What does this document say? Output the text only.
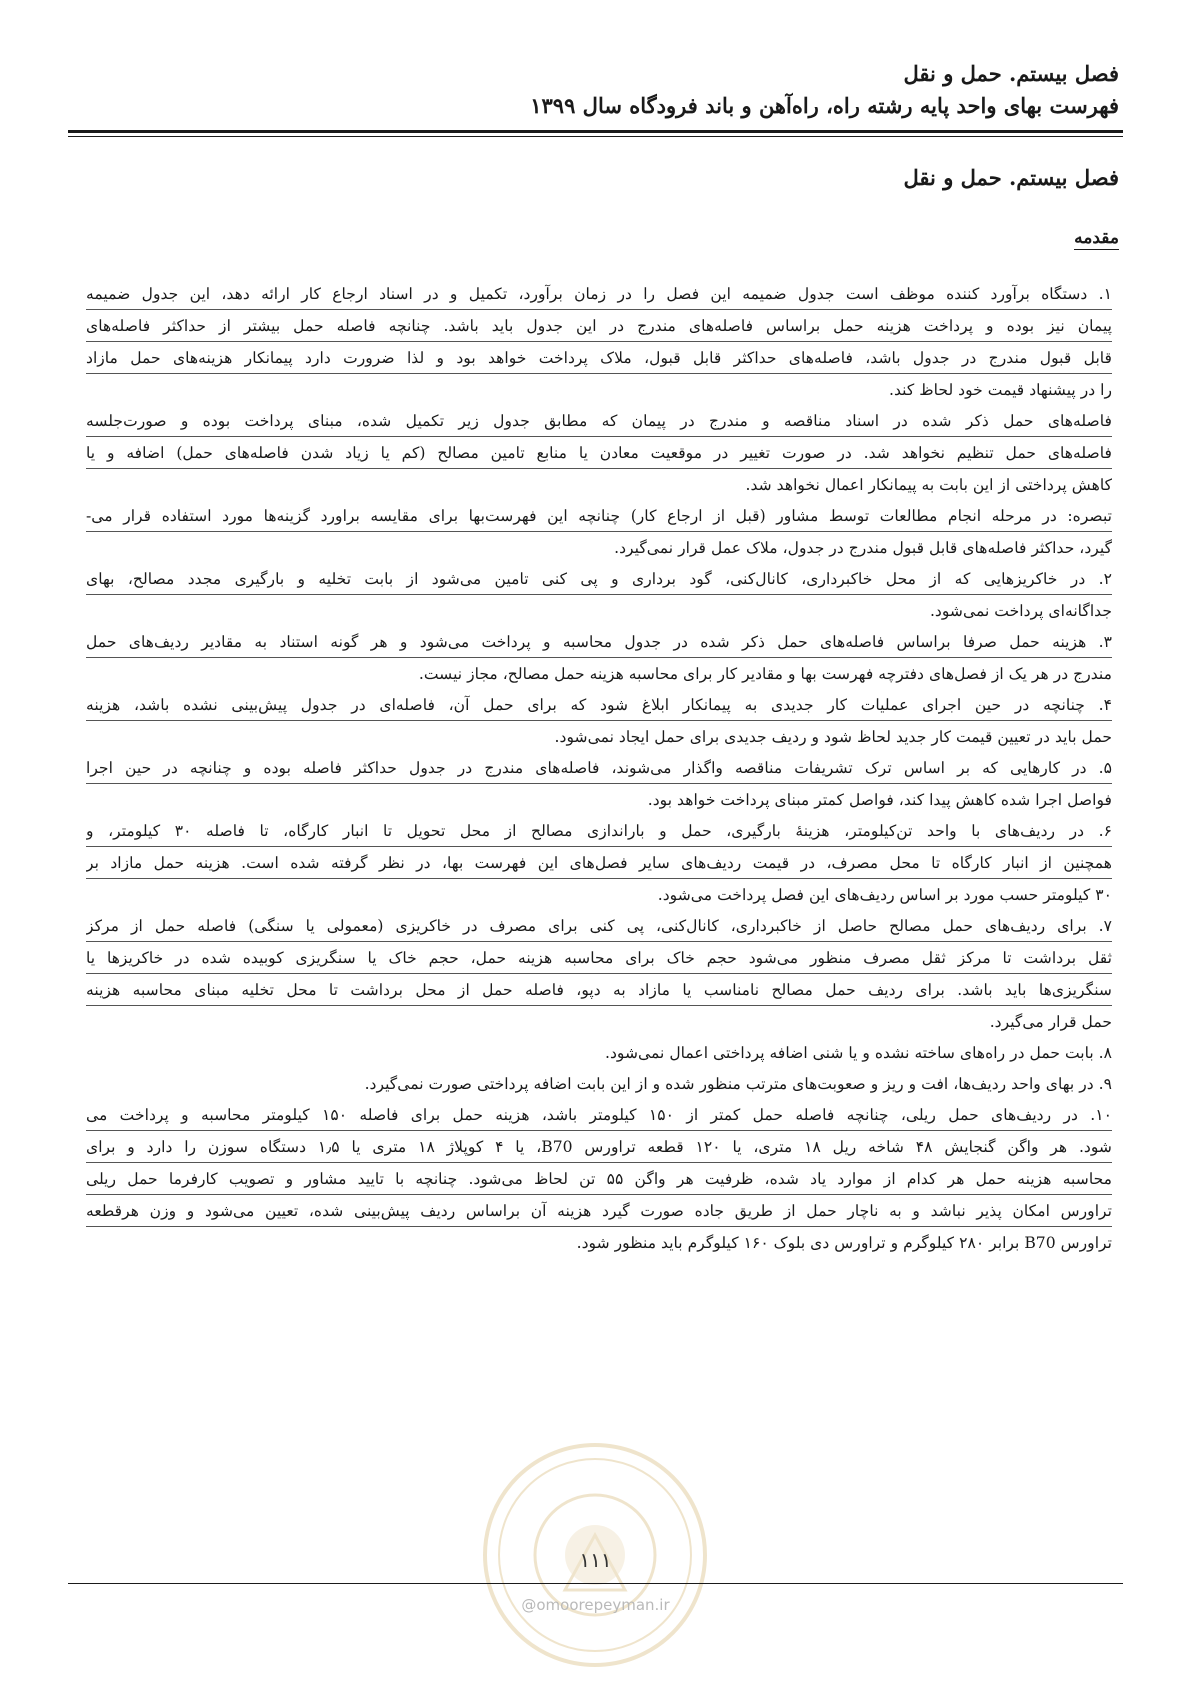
فصل بیستم. حمل و نقل
فهرست بهای واحد پایه رشته راه، راه‌آهن و باند فرودگاه سال ۱۳۹۹
فصل بیستم. حمل و نقل
مقدمه
۱. دستگاه برآورد کننده موظف است جدول ضمیمه این فصل را در زمان برآورد، تکمیل و در اسناد ارجاع کار ارائه دهد، این جدول ضمیمه
پیمان نیز بوده و پرداخت هزینه حمل براساس فاصله‌های مندرج در این جدول باید باشد. چنانچه فاصله حمل بیشتر از حداکثر فاصله‌های
قابل قبول مندرج در جدول باشد، فاصله‌های حداکثر قابل قبول، ملاک پرداخت خواهد بود و لذا ضرورت دارد پیمانکار هزینه‌های حمل مازاد
را در پیشنهاد قیمت خود لحاظ کند.
فاصله‌های حمل ذکر شده در اسناد مناقصه و مندرج در پیمان که مطابق جدول زیر تکمیل شده، مبنای پرداخت بوده و صورت‌جلسه
فاصله‌های حمل تنظیم نخواهد شد. در صورت تغییر در موقعیت معادن یا منابع تامین مصالح (کم یا زیاد شدن فاصله‌های حمل) اضافه و یا
کاهش پرداختی از این بابت به پیمانکار اعمال نخواهد شد.
تبصره: در مرحله انجام مطالعات توسط مشاور (قبل از ارجاع کار) چنانچه این فهرست‌بها برای مقایسه براورد گزینه‌ها مورد استفاده قرار می-
گیرد، حداکثر فاصله‌های قابل قبول مندرج در جدول، ملاک عمل قرار نمی‌گیرد.
۲. در خاکریزهایی که از محل خاکبرداری، کانال‌کنی، گود برداری و پی کنی تامین می‌شود از بابت تخلیه و بارگیری مجدد مصالح، بهای
جداگانه‌ای پرداخت نمی‌شود.
۳. هزینه حمل صرفا براساس فاصله‌های حمل ذکر شده در جدول محاسبه و پرداخت می‌شود و هر گونه استناد به مقادیر ردیف‌های حمل
مندرج در هر یک از فصل‌های دفترچه فهرست بها و مقادیر کار برای محاسبه هزینه حمل مصالح، مجاز نیست.
۴. چنانچه در حین اجرای عملیات کار جدیدی به پیمانکار ابلاغ شود که برای حمل آن، فاصله‌ای در جدول پیش‌بینی نشده باشد، هزینه
حمل باید در تعیین قیمت کار جدید لحاظ شود و ردیف جدیدی برای حمل ایجاد نمی‌شود.
۵. در کارهایی که بر اساس ترک تشریفات مناقصه واگذار می‌شوند، فاصله‌های مندرج در جدول حداکثر فاصله بوده و چنانچه در حین اجرا
فواصل اجرا شده کاهش پیدا کند، فواصل کمتر مبنای پرداخت خواهد بود.
۶. در ردیف‌های با واحد تن‌کیلومتر، هزینهٔ بارگیری، حمل و باراندازی مصالح از محل تحویل تا انبار کارگاه، تا فاصله ۳۰ کیلومتر، و
همچنین از انبار کارگاه تا محل مصرف، در قیمت ردیف‌های سایر فصل‌های این فهرست بها، در نظر گرفته شده است. هزینه حمل مازاد بر
۳۰ کیلومتر حسب مورد بر اساس ردیف‌های این فصل پرداخت می‌شود.
۷. برای ردیف‌های حمل مصالح حاصل از خاکبرداری، کانال‌کنی، پی کنی برای مصرف در خاکریزی (معمولی یا سنگی) فاصله حمل از مرکز
ثقل برداشت تا مرکز ثقل مصرف منظور می‌شود حجم خاک برای محاسبه هزینه حمل، حجم خاک یا سنگریزی کوبیده شده در خاکریزها یا
سنگریزی‌ها باید باشد. برای ردیف حمل مصالح نامناسب یا مازاد به دپو، فاصله حمل از محل برداشت تا محل تخلیه مبنای محاسبه هزینه
حمل قرار می‌گیرد.
۸. بابت حمل در راه‌های ساخته نشده و یا شنی اضافه پرداختی اعمال نمی‌شود.
۹. در بهای واحد ردیف‌ها، افت و ریز و صعوبت‌های مترتب منظور شده و از این بابت اضافه پرداختی صورت نمی‌گیرد.
۱۰. در ردیف‌های حمل ریلی، چنانچه فاصله حمل کمتر از ۱۵۰ کیلومتر باشد، هزینه حمل برای فاصله ۱۵۰ کیلومتر محاسبه و پرداخت می
شود. هر واگن گنجایش ۴۸ شاخه ریل ۱۸ متری، یا ۱۲۰ قطعه تراورس B70، یا ۴ کوپلاژ ۱۸ متری یا ۱٫۵ دستگاه سوزن را دارد و برای
محاسبه هزینه حمل هر کدام از موارد یاد شده، ظرفیت هر واگن ۵۵ تن لحاظ می‌شود. چنانچه با تایید مشاور و تصویب کارفرما حمل ریلی
تراورس امکان پذیر نباشد و به ناچار حمل از طریق جاده صورت گیرد هزینه آن براساس ردیف پیش‌بینی شده، تعیین می‌شود و وزن هرقطعه
تراورس B70 برابر ۲۸۰ کیلوگرم و تراورس دی بلوک ۱۶۰ کیلوگرم باید منظور شود.
۱۱۱
@omoorepeyman.ir
